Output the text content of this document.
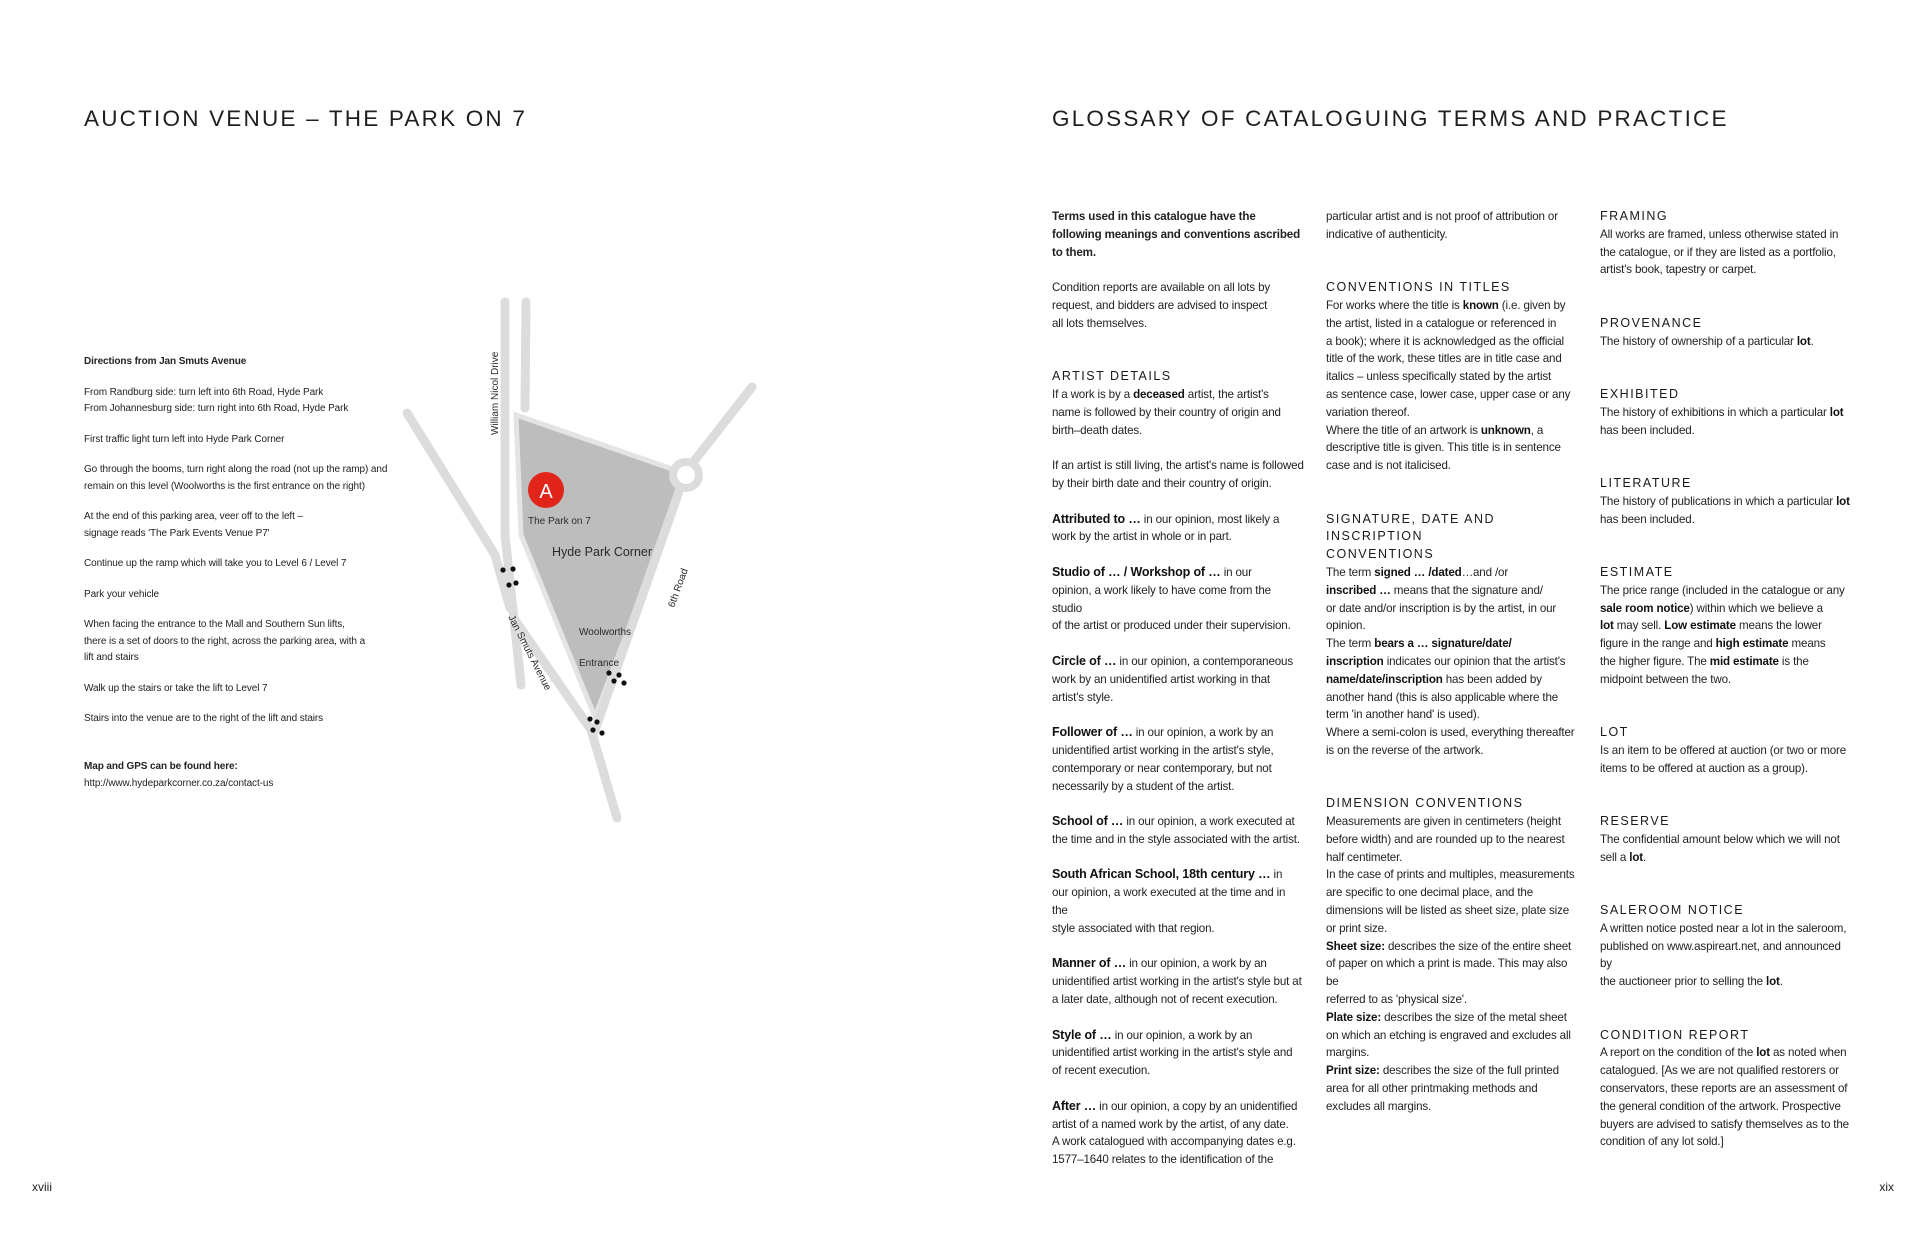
AUCTION VENUE – THE PARK ON 7

Directions from Jan Smuts Avenue

From Randburg side: turn left into 6th Road, Hyde Park
From Johannesburg side: turn right into 6th Road, Hyde Park

First traffic light turn left into Hyde Park Corner

Go through the booms, turn right along the road (not up the ramp) and
remain on this level (Woolworths is the first entrance on the right)

At the end of this parking area, veer off to the left –
signage reads 'The Park Events Venue P7'

Continue up the ramp which will take you to Level 6 / Level 7

Park your vehicle

When facing the entrance to the Mall and Southern Sun lifts,
there is a set of doors to the right, across the parking area, with a
lift and stairs

Walk up the stairs or take the lift to Level 7

Stairs into the venue are to the right of the lift and stairs

Map and GPS can be found here:

http://www.hydeparkcorner.co.za/contact-us

A
The Park on 7
Hyde Park Corner
Woolworths
Entrance
William Nicol Drive
Jan Smuts Avenue
6th Road
xviii
GLOSSARY OF CATALOGUING TERMS AND PRACTICE
Terms used in this catalogue have the
following meanings and conventions ascribed
to them.
Condition reports are available on all lots by
request, and bidders are advised to inspect
all lots themselves.
ARTIST DETAILS
If a work is by a deceased artist, the artist's
name is followed by their country of origin and
birth–death dates.
If an artist is still living, the artist's name is followed
by their birth date and their country of origin.
Attributed to … in our opinion, most likely a
work by the artist in whole or in part.
Studio of … / Workshop of … in our
opinion, a work likely to have come from the studio
of the artist or produced under their supervision.
Circle of … in our opinion, a contemporaneous
work by an unidentified artist working in that
artist's style.
Follower of … in our opinion, a work by an
unidentified artist working in the artist's style,
contemporary or near contemporary, but not
necessarily by a student of the artist.
School of … in our opinion, a work executed at
the time and in the style associated with the artist.
South African School, 18th century … in
our opinion, a work executed at the time and in the
style associated with that region.
Manner of … in our opinion, a work by an
unidentified artist working in the artist's style but at
a later date, although not of recent execution.
Style of … in our opinion, a work by an
unidentified artist working in the artist's style and
of recent execution.
After … in our opinion, a copy by an unidentified
artist of a named work by the artist, of any date.
A work catalogued with accompanying dates e.g.
1577–1640 relates to the identification of the
particular artist and is not proof of attribution or
indicative of authenticity.
CONVENTIONS IN TITLES
For works where the title is known (i.e. given by
the artist, listed in a catalogue or referenced in
a book); where it is acknowledged as the official
title of the work, these titles are in title case and
italics – unless specifically stated by the artist
as sentence case, lower case, upper case or any
variation thereof.
Where the title of an artwork is unknown, a
descriptive title is given. This title is in sentence
case and is not italicised.
SIGNATURE, DATE AND INSCRIPTION
CONVENTIONS
The term signed … /dated…and /or
inscribed … means that the signature and/
or date and/or inscription is by the artist, in our
opinion.
The term bears a … signature/date/
inscription indicates our opinion that the artist's
name/date/inscription has been added by
another hand (this is also applicable where the
term 'in another hand' is used).
Where a semi-colon is used, everything thereafter
is on the reverse of the artwork.
DIMENSION CONVENTIONS
Measurements are given in centimeters (height
before width) and are rounded up to the nearest
half centimeter.
In the case of prints and multiples, measurements
are specific to one decimal place, and the
dimensions will be listed as sheet size, plate size
or print size.
Sheet size: describes the size of the entire sheet
of paper on which a print is made. This may also be
referred to as 'physical size'.
Plate size: describes the size of the metal sheet
on which an etching is engraved and excludes all
margins.
Print size: describes the size of the full printed
area for all other printmaking methods and
excludes all margins.
FRAMING
All works are framed, unless otherwise stated in
the catalogue, or if they are listed as a portfolio,
artist's book, tapestry or carpet.
PROVENANCE
The history of ownership of a particular lot.
EXHIBITED
The history of exhibitions in which a particular lot
has been included.
LITERATURE
The history of publications in which a particular lot
has been included.
ESTIMATE
The price range (included in the catalogue or any
sale room notice) within which we believe a
lot may sell. Low estimate means the lower
figure in the range and high estimate means
the higher figure. The mid estimate is the
midpoint between the two.
LOT
Is an item to be offered at auction (or two or more
items to be offered at auction as a group).
RESERVE
The confidential amount below which we will not
sell a lot.
SALEROOM NOTICE
A written notice posted near a lot in the saleroom,
published on www.aspireart.net, and announced by
the auctioneer prior to selling the lot.
CONDITION REPORT
A report on the condition of the lot as noted when
catalogued. [As we are not qualified restorers or
conservators, these reports are an assessment of
the general condition of the artwork. Prospective
buyers are advised to satisfy themselves as to the
condition of any lot sold.]
xix
